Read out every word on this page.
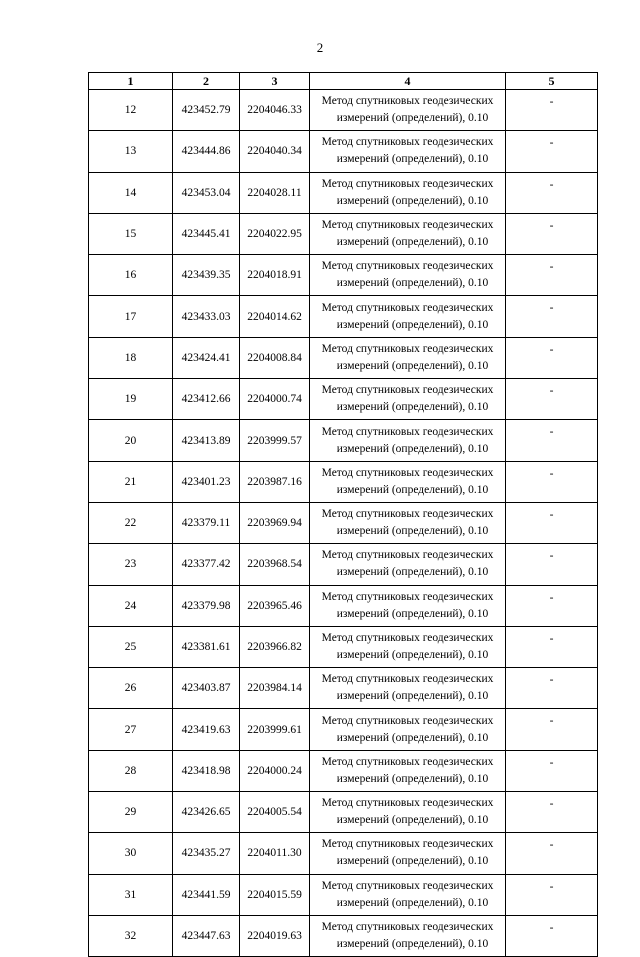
2
1	2	3	4	5
12	423452.79	2204046.33	Метод спутниковых геодезических
измерений (определений), 0.10	-
13	423444.86	2204040.34	Метод спутниковых геодезических
измерений (определений), 0.10	-
14	423453.04	2204028.11	Метод спутниковых геодезических
измерений (определений), 0.10	-
15	423445.41	2204022.95	Метод спутниковых геодезических
измерений (определений), 0.10	-
16	423439.35	2204018.91	Метод спутниковых геодезических
измерений (определений), 0.10	-
17	423433.03	2204014.62	Метод спутниковых геодезических
измерений (определений), 0.10	-
18	423424.41	2204008.84	Метод спутниковых геодезических
измерений (определений), 0.10	-
19	423412.66	2204000.74	Метод спутниковых геодезических
измерений (определений), 0.10	-
20	423413.89	2203999.57	Метод спутниковых геодезических
измерений (определений), 0.10	-
21	423401.23	2203987.16	Метод спутниковых геодезических
измерений (определений), 0.10	-
22	423379.11	2203969.94	Метод спутниковых геодезических
измерений (определений), 0.10	-
23	423377.42	2203968.54	Метод спутниковых геодезических
измерений (определений), 0.10	-
24	423379.98	2203965.46	Метод спутниковых геодезических
измерений (определений), 0.10	-
25	423381.61	2203966.82	Метод спутниковых геодезических
измерений (определений), 0.10	-
26	423403.87	2203984.14	Метод спутниковых геодезических
измерений (определений), 0.10	-
27	423419.63	2203999.61	Метод спутниковых геодезических
измерений (определений), 0.10	-
28	423418.98	2204000.24	Метод спутниковых геодезических
измерений (определений), 0.10	-
29	423426.65	2204005.54	Метод спутниковых геодезических
измерений (определений), 0.10	-
30	423435.27	2204011.30	Метод спутниковых геодезических
измерений (определений), 0.10	-
31	423441.59	2204015.59	Метод спутниковых геодезических
измерений (определений), 0.10	-
32	423447.63	2204019.63	Метод спутниковых геодезических
измерений (определений), 0.10	-
